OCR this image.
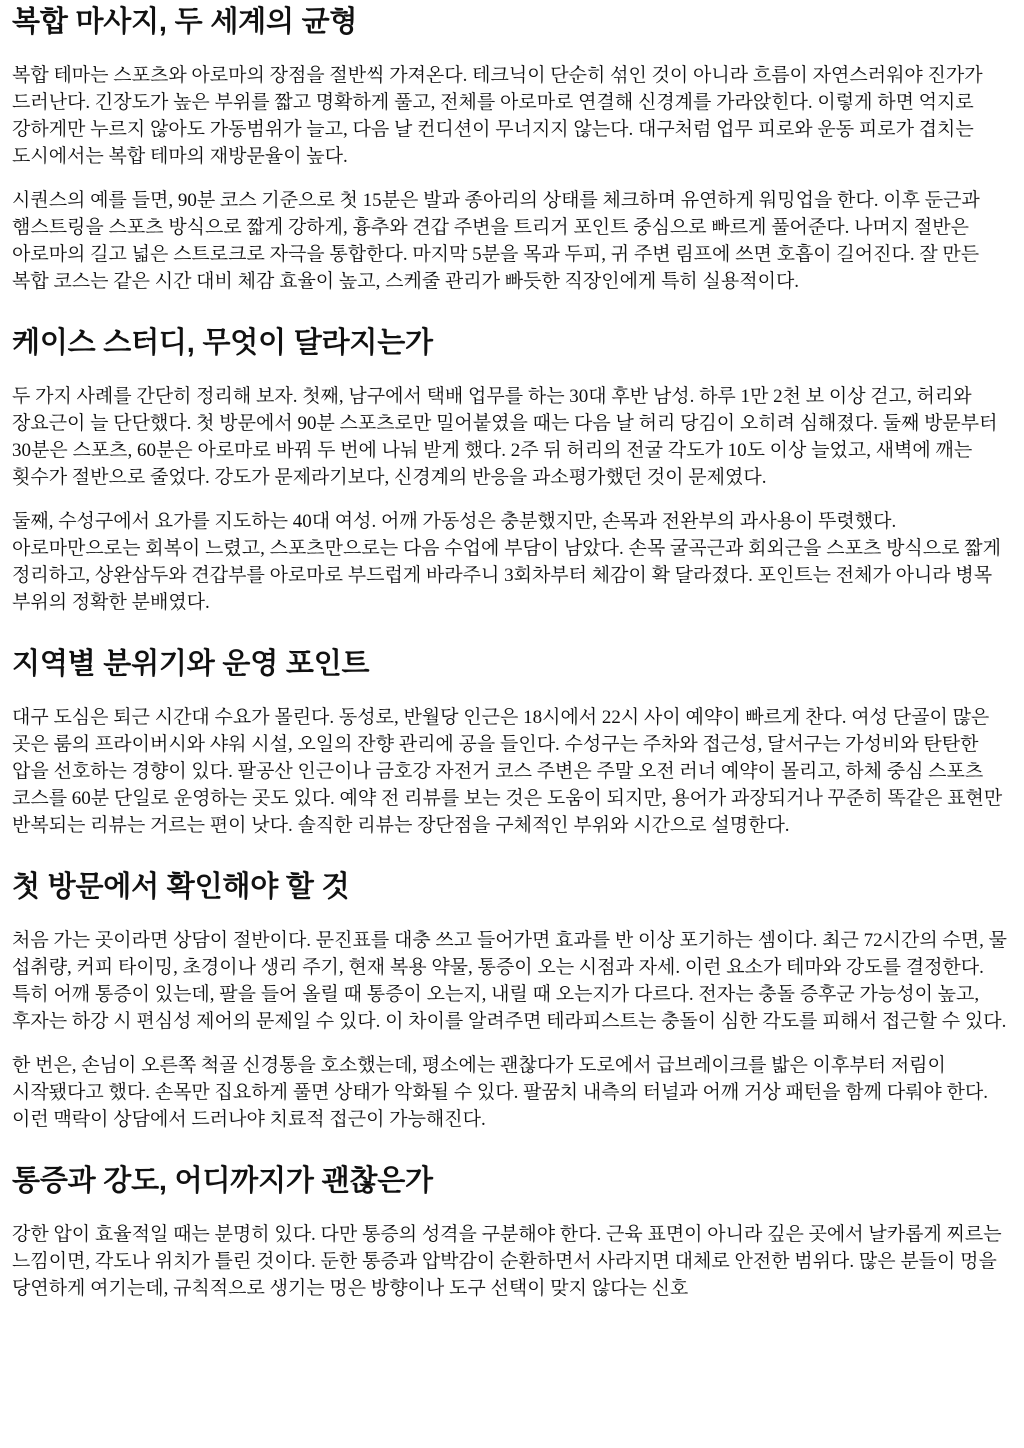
복합 마사지, 두 세계의 균형

복합 테마는 스포츠와 아로마의 장점을 절반씩 가져온다. 테크닉이 단순히 섞인 것이 아니라 흐름이 자연스러워야 진가가 드러난다. 긴장도가 높은 부위를 짧고 명확하게 풀고, 전체를 아로마로 연결해 신경계를 가라앉힌다. 이렇게 하면 억지로 강하게만 누르지 않아도 가동범위가 늘고, 다음 날 컨디션이 무너지지 않는다. 대구처럼 업무 피로와 운동 피로가 겹치는 도시에서는 복합 테마의 재방문율이 높다.

시퀀스의 예를 들면, 90분 코스 기준으로 첫 15분은 발과 종아리의 상태를 체크하며 유연하게 워밍업을 한다. 이후 둔근과 햄스트링을 스포츠 방식으로 짧게 강하게, 흉추와 견갑 주변을 트리거 포인트 중심으로 빠르게 풀어준다. 나머지 절반은 아로마의 길고 넓은 스트로크로 자극을 통합한다. 마지막 5분을 목과 두피, 귀 주변 림프에 쓰면 호흡이 길어진다. 잘 만든 복합 코스는 같은 시간 대비 체감 효율이 높고, 스케줄 관리가 빠듯한 직장인에게 특히 실용적이다.

케이스 스터디, 무엇이 달라지는가

두 가지 사례를 간단히 정리해 보자. 첫째, 남구에서 택배 업무를 하는 30대 후반 남성. 하루 1만 2천 보 이상 걷고, 허리와 장요근이 늘 단단했다. 첫 방문에서 90분 스포츠로만 밀어붙였을 때는 다음 날 허리 당김이 오히려 심해졌다. 둘째 방문부터 30분은 스포츠, 60분은 아로마로 바꿔 두 번에 나눠 받게 했다. 2주 뒤 허리의 전굴 각도가 10도 이상 늘었고, 새벽에 깨는 횟수가 절반으로 줄었다. 강도가 문제라기보다, 신경계의 반응을 과소평가했던 것이 문제였다.

둘째, 수성구에서 요가를 지도하는 40대 여성. 어깨 가동성은 충분했지만, 손목과 전완부의 과사용이 뚜렷했다. 아로마만으로는 회복이 느렸고, 스포츠만으로는 다음 수업에 부담이 남았다. 손목 굴곡근과 회외근을 스포츠 방식으로 짧게 정리하고, 상완삼두와 견갑부를 아로마로 부드럽게 바라주니 3회차부터 체감이 확 달라졌다. 포인트는 전체가 아니라 병목 부위의 정확한 분배였다.

지역별 분위기와 운영 포인트

대구 도심은 퇴근 시간대 수요가 몰린다. 동성로, 반월당 인근은 18시에서 22시 사이 예약이 빠르게 찬다. 여성 단골이 많은 곳은 룸의 프라이버시와 샤워 시설, 오일의 잔향 관리에 공을 들인다. 수성구는 주차와 접근성, 달서구는 가성비와 탄탄한 압을 선호하는 경향이 있다. 팔공산 인근이나 금호강 자전거 코스 주변은 주말 오전 러너 예약이 몰리고, 하체 중심 스포츠 코스를 60분 단일로 운영하는 곳도 있다. 예약 전 리뷰를 보는 것은 도움이 되지만, 용어가 과장되거나 꾸준히 똑같은 표현만 반복되는 리뷰는 거르는 편이 낫다. 솔직한 리뷰는 장단점을 구체적인 부위와 시간으로 설명한다.

첫 방문에서 확인해야 할 것

처음 가는 곳이라면 상담이 절반이다. 문진표를 대충 쓰고 들어가면 효과를 반 이상 포기하는 셈이다. 최근 72시간의 수면, 물 섭취량, 커피 타이밍, 초경이나 생리 주기, 현재 복용 약물, 통증이 오는 시점과 자세. 이런 요소가 테마와 강도를 결정한다. 특히 어깨 통증이 있는데, 팔을 들어 올릴 때 통증이 오는지, 내릴 때 오는지가 다르다. 전자는 충돌 증후군 가능성이 높고, 후자는 하강 시 편심성 제어의 문제일 수 있다. 이 차이를 알려주면 테라피스트는 충돌이 심한 각도를 피해서 접근할 수 있다.

한 번은, 손님이 오른쪽 척골 신경통을 호소했는데, 평소에는 괜찮다가 도로에서 급브레이크를 밟은 이후부터 저림이 시작됐다고 했다. 손목만 집요하게 풀면 상태가 악화될 수 있다. 팔꿈치 내측의 터널과 어깨 거상 패턴을 함께 다뤄야 한다. 이런 맥락이 상담에서 드러나야 치료적 접근이 가능해진다.

통증과 강도, 어디까지가 괜찮은가

강한 압이 효율적일 때는 분명히 있다. 다만 통증의 성격을 구분해야 한다. 근육 표면이 아니라 깊은 곳에서 날카롭게 찌르는 느낌이면, 각도나 위치가 틀린 것이다. 둔한 통증과 압박감이 순환하면서 사라지면 대체로 안전한 범위다. 많은 분들이 멍을 당연하게 여기는데, 규칙적으로 생기는 멍은 방향이나 도구 선택이 맞지 않다는 신호
